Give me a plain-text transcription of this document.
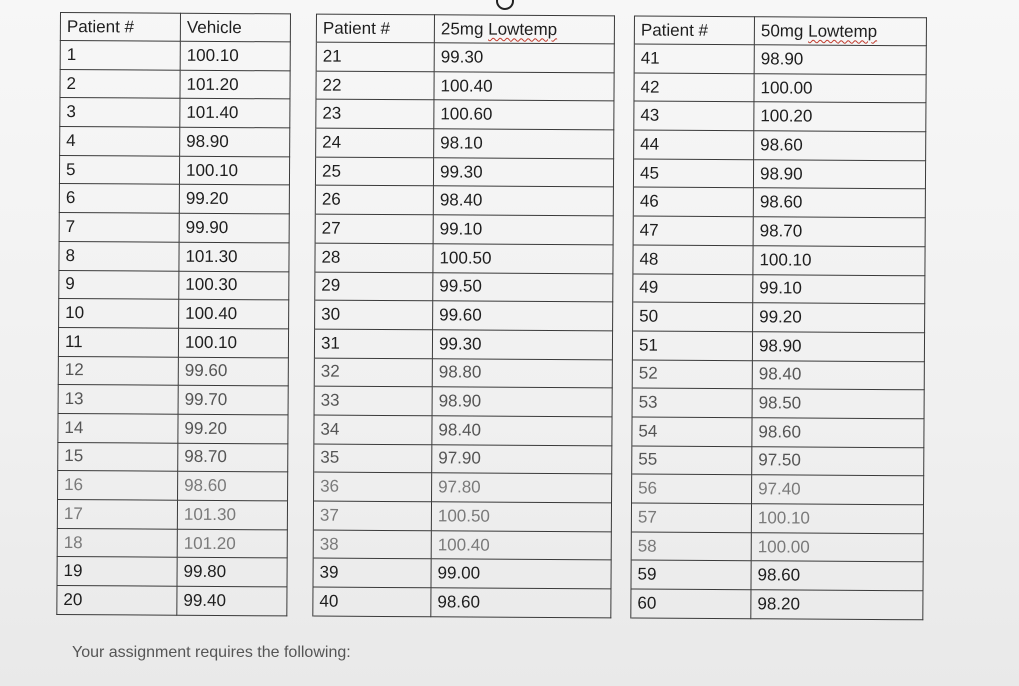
Patient #	Vehicle		Patient #	25mg Lowtemp		Patient #	50mg Lowtemp
1	100.10		21	99.30		41	98.90
2	101.20		22	100.40		42	100.00
3	101.40		23	100.60		43	100.20
4	98.90		24	98.10		44	98.60
5	100.10		25	99.30		45	98.90
6	99.20		26	98.40		46	98.60
7	99.90		27	99.10		47	98.70
8	101.30		28	100.50		48	100.10
9	100.30		29	99.50		49	99.10
10	100.40		30	99.60		50	99.20
11	100.10		31	99.30		51	98.90
12	99.60		32	98.80		52	98.40
13	99.70		33	98.90		53	98.50
14	99.20		34	98.40		54	98.60
15	98.70		35	97.90		55	97.50
16	98.60		36	97.80		56	97.40
17	101.30		37	100.50		57	100.10
18	101.20		38	100.40		58	100.00
19	99.80		39	99.00		59	98.60
20	99.40		40	98.60		60	98.20
Your assignment requires the following:
